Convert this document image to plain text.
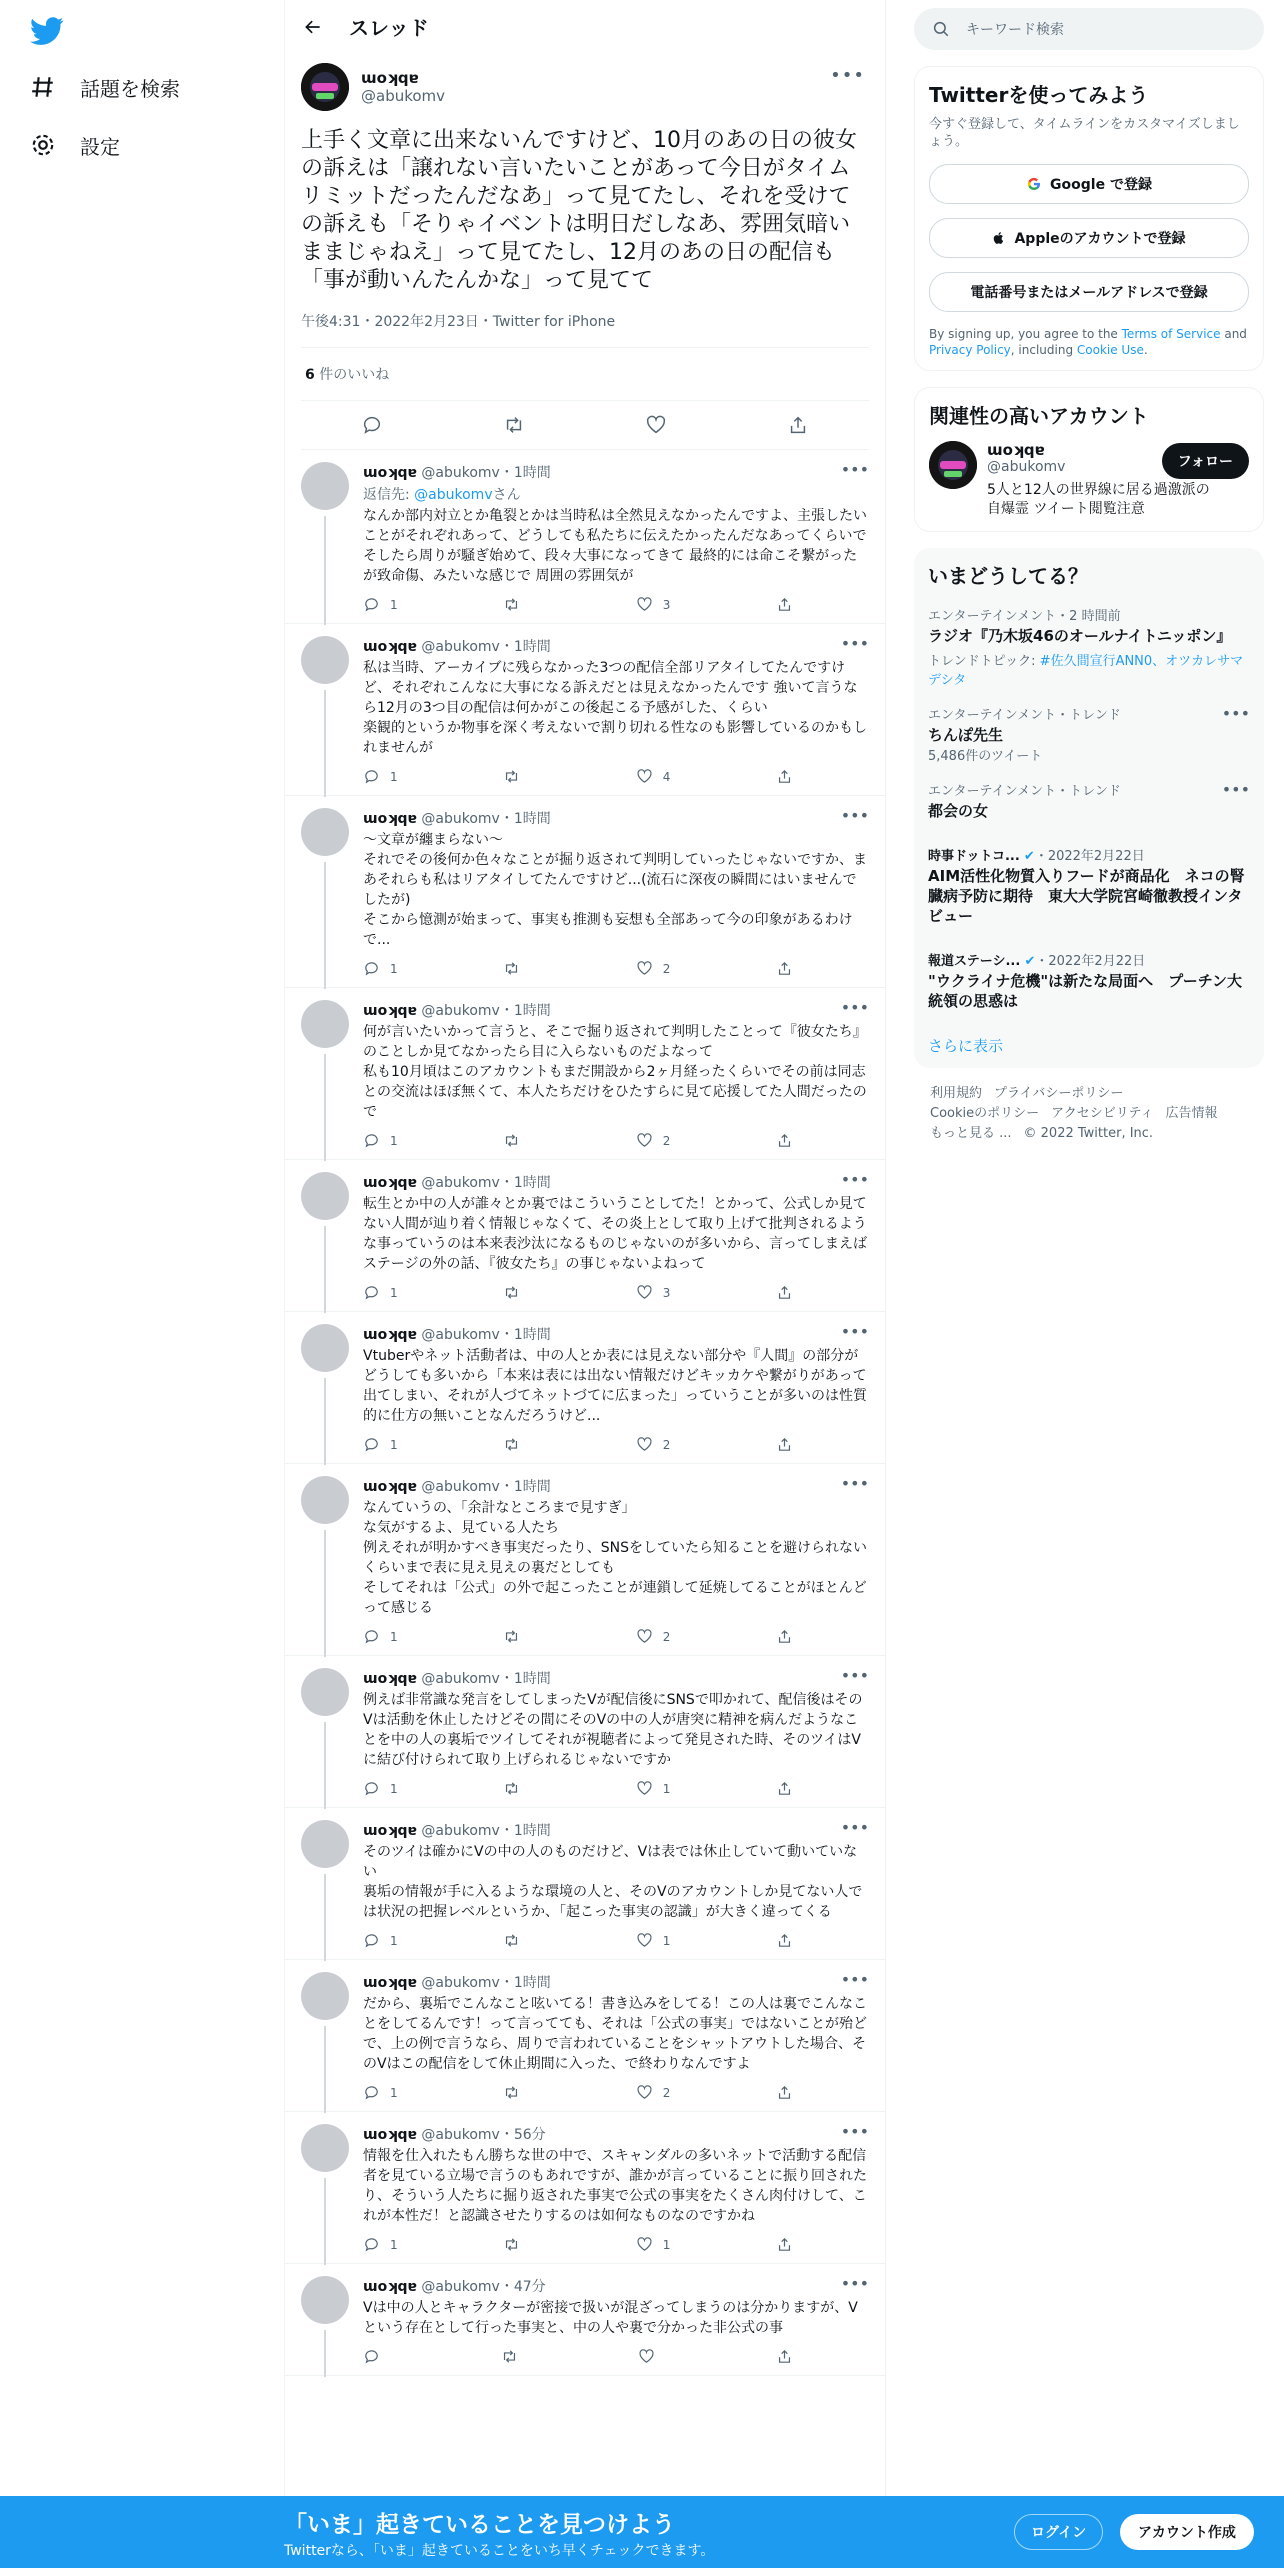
話題を検索
設定
スレッド
ɯoʞqɐ
@abukomv
•••
上手く文章に出来ないんですけど、10月のあの日の彼女の訴えは「譲れない言いたいことがあって今日がタイムリミットだったんだなあ」って見てたし、それを受けての訴えも「そりゃイベントは明日だしなあ、雰囲気暗いままじゃねえ」って見てたし、12月のあの日の配信も「事が動いんたんかな」って見てて
午後4:31・2022年2月23日・Twitter for iPhone
6 件のいいね
ɯoʞqɐ @abukomv・1時間	•••
返信先: @abukomvさん
なんか部内対立とか亀裂とかは当時私は全然見えなかったんですよ、主張したいことがそれぞれあって、どうしても私たちに伝えたかったんだなあってくらいで そしたら周りが騒ぎ始めて、段々大事になってきて 最終的には命こそ繋がったが致命傷、みたいな感じで 周囲の雰囲気が
1	3
ɯoʞqɐ @abukomv・1時間	•••
私は当時、アーカイブに残らなかった3つの配信全部リアタイしてたんですけど、それぞれこんなに大事になる訴えだとは見えなかったんです 強いて言うなら12月の3つ目の配信は何かがこの後起こる予感がした、くらい
楽観的というか物事を深く考えないで割り切れる性なのも影響しているのかもしれませんが
1	4
ɯoʞqɐ @abukomv・1時間	•••
〜文章が纏まらない〜
それでその後何か色々なことが掘り返されて判明していったじゃないですか、まあそれらも私はリアタイしてたんですけど...(流石に深夜の瞬間にはいませんでしたが)
そこから憶測が始まって、事実も推測も妄想も全部あって今の印象があるわけで...
1	2
ɯoʞqɐ @abukomv・1時間	•••
何が言いたいかって言うと、そこで掘り返されて判明したことって『彼女たち』のことしか見てなかったら目に入らないものだよなって
私も10月頃はこのアカウントもまだ開設から2ヶ月経ったくらいでその前は同志との交流はほぼ無くて、本人たちだけをひたすらに見て応援してた人間だったので
1	2
ɯoʞqɐ @abukomv・1時間	•••
転生とか中の人が誰々とか裏ではこういうことしてた！とかって、公式しか見てない人間が辿り着く情報じゃなくて、その炎上として取り上げて批判されるような事っていうのは本来表沙汰になるものじゃないのが多いから、言ってしまえばステージの外の話、『彼女たち』の事じゃないよねって
1	3
ɯoʞqɐ @abukomv・1時間	•••
Vtuberやネット活動者は、中の人とか表には見えない部分や『人間』の部分がどうしても多いから「本来は表には出ない情報だけどキッカケや繋がりがあって出てしまい、それが人づてネットづてに広まった」っていうことが多いのは性質的に仕方の無いことなんだろうけど...
1	2
ɯoʞqɐ @abukomv・1時間	•••
なんていうの、「余計なところまで見すぎ」
な気がするよ、見ている人たち
例えそれが明かすべき事実だったり、SNSをしていたら知ることを避けられないくらいまで表に見え見えの裏だとしても
そしてそれは「公式」の外で起こったことが連鎖して延焼してることがほとんどって感じる
1	2
ɯoʞqɐ @abukomv・1時間	•••
例えば非常識な発言をしてしまったVが配信後にSNSで叩かれて、配信後はそのVは活動を休止したけどその間にそのVの中の人が唐突に精神を病んだようなことを中の人の裏垢でツイしてそれが視聴者によって発見された時、そのツイはVに結び付けられて取り上げられるじゃないですか
1	1
ɯoʞqɐ @abukomv・1時間	•••
そのツイは確かにVの中の人のものだけど、Vは表では休止していて動いていない
裏垢の情報が手に入るような環境の人と、そのVのアカウントしか見てない人では状況の把握レベルというか、「起こった事実の認識」が大きく違ってくる
1	1
ɯoʞqɐ @abukomv・1時間	•••
だから、裏垢でこんなこと呟いてる！書き込みをしてる！この人は裏でこんなことをしてるんです！って言ってても、それは「公式の事実」ではないことが殆どで、上の例で言うなら、周りで言われていることをシャットアウトした場合、そのVはこの配信をして休止期間に入った、で終わりなんですよ
1	2
ɯoʞqɐ @abukomv・56分	•••
情報を仕入れたもん勝ちな世の中で、スキャンダルの多いネットで活動する配信者を見ている立場で言うのもあれですが、誰かが言っていることに振り回されたり、そういう人たちに掘り返された事実で公式の事実をたくさん肉付けして、これが本性だ！と認識させたりするのは如何なものなのですかね
1	1
ɯoʞqɐ @abukomv・47分	•••
Vは中の人とキャラクターが密接で扱いが混ざってしまうのは分かりますが、Vという存在として行った事実と、中の人や裏で分かった非公式の事
キーワード検索
Twitterを使ってみよう
今すぐ登録して、タイムラインをカスタマイズしましょう。
Google で登録
Appleのアカウントで登録
電話番号またはメールアドレスで登録
By signing up, you agree to the Terms of Service and Privacy Policy, including Cookie Use.
関連性の高いアカウント
ɯoʞqɐ
@abukomv
5人と12人の世界線に居る過激派の自爆霊 ツイート閲覧注意
フォロー
いまどうしてる？
エンターテインメント・2 時間前
ラジオ『乃木坂46のオールナイトニッポン』
トレンドトピック: #佐久間宣行ANN0、オツカレサマデシタ
エンターテインメント・トレンド	•••
ちんぽ先生
5,486件のツイート
エンターテインメント・トレンド	•••
都会の女
時事ドットコ... ✔・2022年2月22日
AIM活性化物質入りフードが商品化　ネコの腎臓病予防に期待　東大大学院宮崎徹教授インタビュー
報道ステーシ... ✔・2022年2月22日
"ウクライナ危機"は新たな局面へ　プーチン大統領の思惑は
さらに表示
利用規約 プライバシーポリシー
Cookieのポリシー アクセシビリティ 広告情報
もっと見る ... © 2022 Twitter, Inc.
「いま」起きていることを見つけよう
Twitterなら、「いま」起きていることをいち早くチェックできます。
ログイン	アカウント作成
